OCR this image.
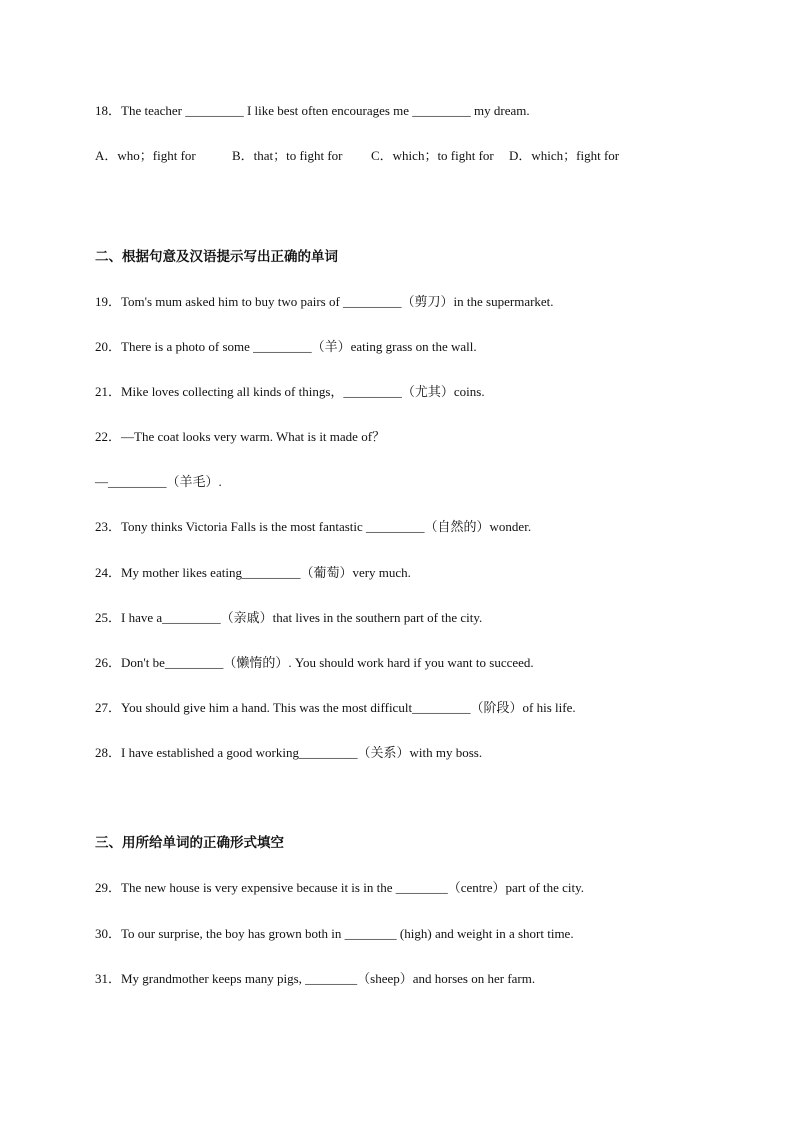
18．The teacher _________ I like best often encourages me _________ my dream.
A．who；fight for	B．that；to fight for C．which；to fight for D．which；fight for
二、根据句意及汉语提示写出正确的单词
19．Tom's mum asked him to buy two pairs of _________（剪刀）in the supermarket.
20．There is a photo of some _________（羊）eating grass on the wall.
21．Mike loves collecting all kinds of things，_________（尤其）coins.
22．—The coat looks very warm. What is it made of？
—_________（羊毛）.
23．Tony thinks Victoria Falls is the most fantastic _________（自然的）wonder.
24．My mother likes eating_________（葡萄）very much.
25．I have a_________（亲戚）that lives in the southern part of the city.
26．Don't be_________（懒惰的）. You should work hard if you want to succeed.
27．You should give him a hand. This was the most difficult_________（阶段）of his life.
28．I have established a good working_________（关系）with my boss.
三、用所给单词的正确形式填空
29．The new house is very expensive because it is in the ________（centre）part of the city.
30．To our surprise, the boy has grown both in ________ (high) and weight in a short time.
31．My grandmother keeps many pigs, ________（sheep）and horses on her farm.
